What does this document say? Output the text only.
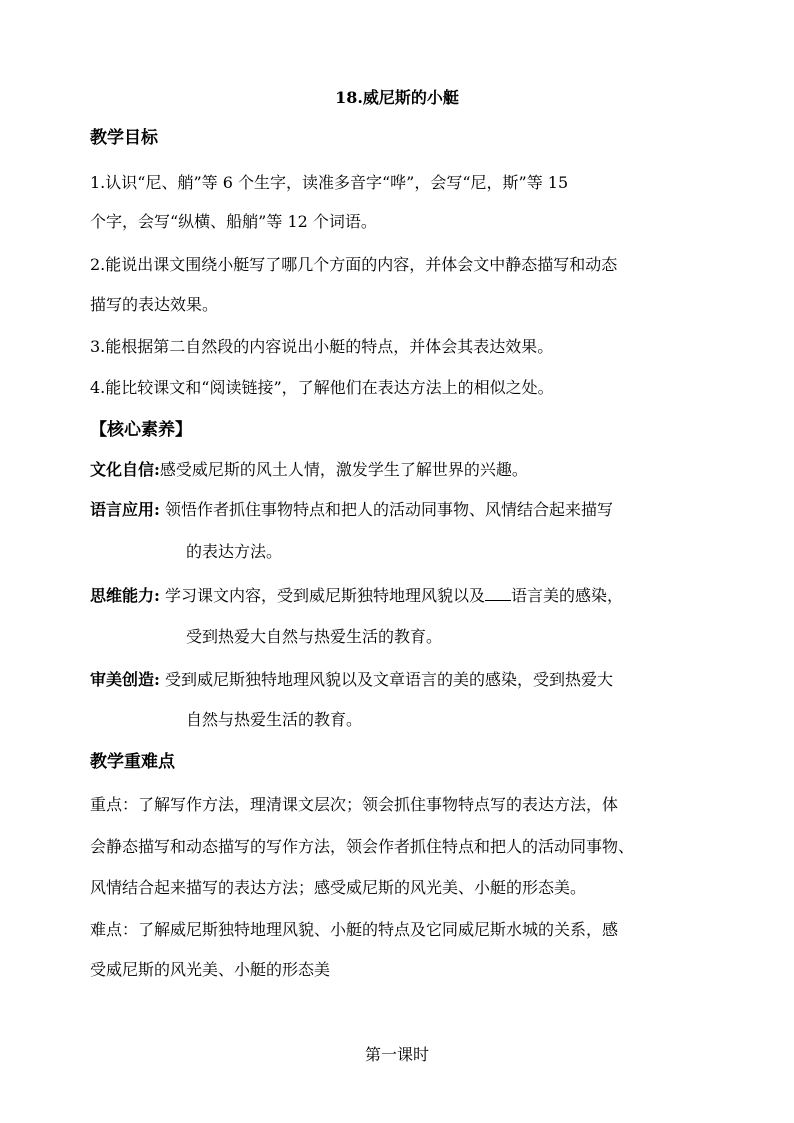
18.威尼斯的小艇
教学目标
1.认识“尼、艄”等 6 个生字，读准多音字“哗”，会写“尼，斯”等 15
个字，会写“纵横、船艄”等 12 个词语。
2.能说出课文围绕小艇写了哪几个方面的内容，并体会文中静态描写和动态
描写的表达效果。
3.能根据第二自然段的内容说出小艇的特点，并体会其表达效果。
4.能比较课文和“阅读链接”，了解他们在表达方法上的相似之处。
【核心素养】
文化自信:感受威尼斯的风土人情，激发学生了解世界的兴趣。
语言应用: 领悟作者抓住事物特点和把人的活动同事物、风情结合起来描写
的表达方法。
思维能力: 学习课文内容，受到威尼斯独特地理风貌以及 语言美的感染，
受到热爱大自然与热爱生活的教育。
审美创造: 受到威尼斯独特地理风貌以及文章语言的美的感染，受到热爱大
自然与热爱生活的教育。
教学重难点
重点：了解写作方法，理清课文层次；领会抓住事物特点写的表达方法，体
会静态描写和动态描写的写作方法，领会作者抓住特点和把人的活动同事物、
风情结合起来描写的表达方法；感受威尼斯的风光美、小艇的形态美。
难点：了解威尼斯独特地理风貌、小艇的特点及它同威尼斯水城的关系，感
受威尼斯的风光美、小艇的形态美
第一课时
